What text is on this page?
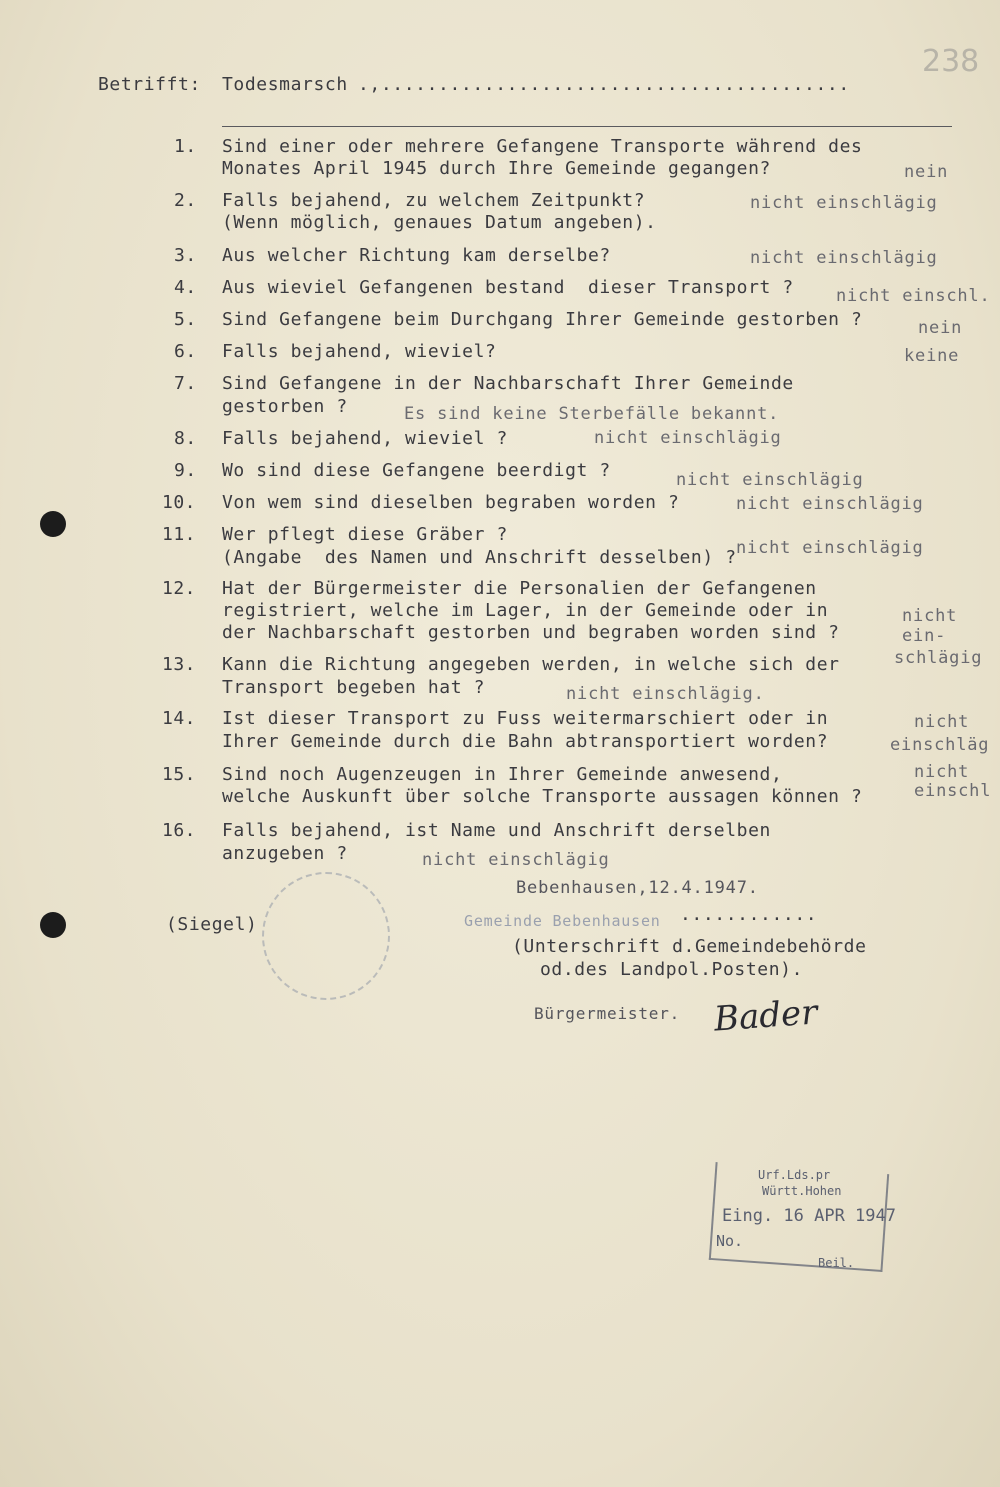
238
Betrifft: Todesmarsch .,.........................................
1. Sind einer oder mehrere Gefangene Transporte während des
Monates April 1945 durch Ihre Gemeinde gegangen?	nein
2. Falls bejahend, zu welchem Zeitpunkt?
(Wenn möglich, genaues Datum angeben).
nicht einschlägig
3. Aus welcher Richtung kam derselbe?	nicht einschlägig
4. Aus wieviel Gefangenen bestand  dieser Transport ? nicht einschl.
5. Sind Gefangene beim Durchgang Ihrer Gemeinde gestorben ?	nein
6. Falls bejahend, wieviel?	keine
7. Sind Gefangene in der Nachbarschaft Ihrer Gemeinde
gestorben ?	Es sind keine Sterbefälle bekannt.
8. Falls bejahend, wieviel ?	nicht einschlägig
9. Wo sind diese Gefangene beerdigt ?	nicht einschlägig
10. Von wem sind dieselben begraben worden ?	nicht einschlägig
11. Wer pflegt diese Gräber ?
(Angabe  des Namen und Anschrift desselben) ? nicht einschlägig
12. Hat der Bürgermeister die Personalien der Gefangenen
registriert, welche im Lager, in der Gemeinde oder in
der Nachbarschaft gestorben und begraben worden sind ?
nicht
ein-
schlägig
13. Kann die Richtung angegeben werden, in welche sich der
Transport begeben hat ?	nicht einschlägig.
14. Ist dieser Transport zu Fuss weitermarschiert oder in
Ihrer Gemeinde durch die Bahn abtransportiert worden?
nicht
einschläg
15. Sind noch Augenzeugen in Ihrer Gemeinde anwesend,
welche Auskunft über solche Transporte aussagen können ?
nicht
einschl
16. Falls bejahend, ist Name und Anschrift derselben
anzugeben ?	nicht einschlägig
Bebenhausen,12.4.1947.
(Siegel)	Gemeinde Bebenhausen ............
(Unterschrift d.Gemeindebehörde
od.des Landpol.Posten).
Bürgermeister. Bader
Urf.Lds.pr
Württ.Hohen
Eing. 16 APR 1947
No.
Beil.
